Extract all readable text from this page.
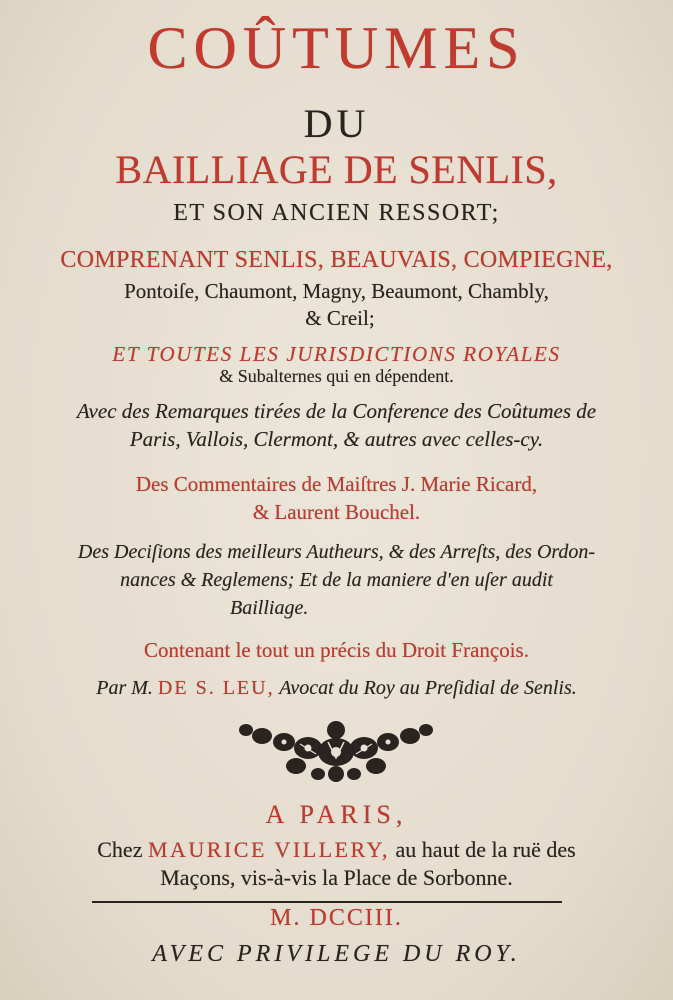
COÛTUMES
DU
BAILLIAGE DE SENLIS,
ET SON ANCIEN RESSORT;
COMPRENANT SENLIS, BEAUVAIS, COMPIEGNE,
Pontoiſe, Chaumont, Magny, Beaumont, Chambly,
& Creil;
ET TOUTES LES JURISDICTIONS ROYALES
& Subalternes qui en dépendent.
Avec des Remarques tirées de la Conference des Coûtumes de
Paris, Vallois, Clermont, & autres avec celles-cy.
Des Commentaires de Maiſtres J. Marie Ricard,
& Laurent Bouchel.
Des Deciſions des meilleurs Autheurs, & des Arreſts, des Ordon-
nances & Reglemens; Et de la maniere d'en uſer audit
Bailliage.
Contenant le tout un précis du Droit François.
Par M. DE S. LEU, Avocat du Roy au Preſidial de Senlis.
A PARIS,
Chez MAURICE VILLERY, au haut de la ruë des
Maçons, vis-à-vis la Place de Sorbonne.
M. DCCIII.
AVEC PRIVILEGE DU ROY.
